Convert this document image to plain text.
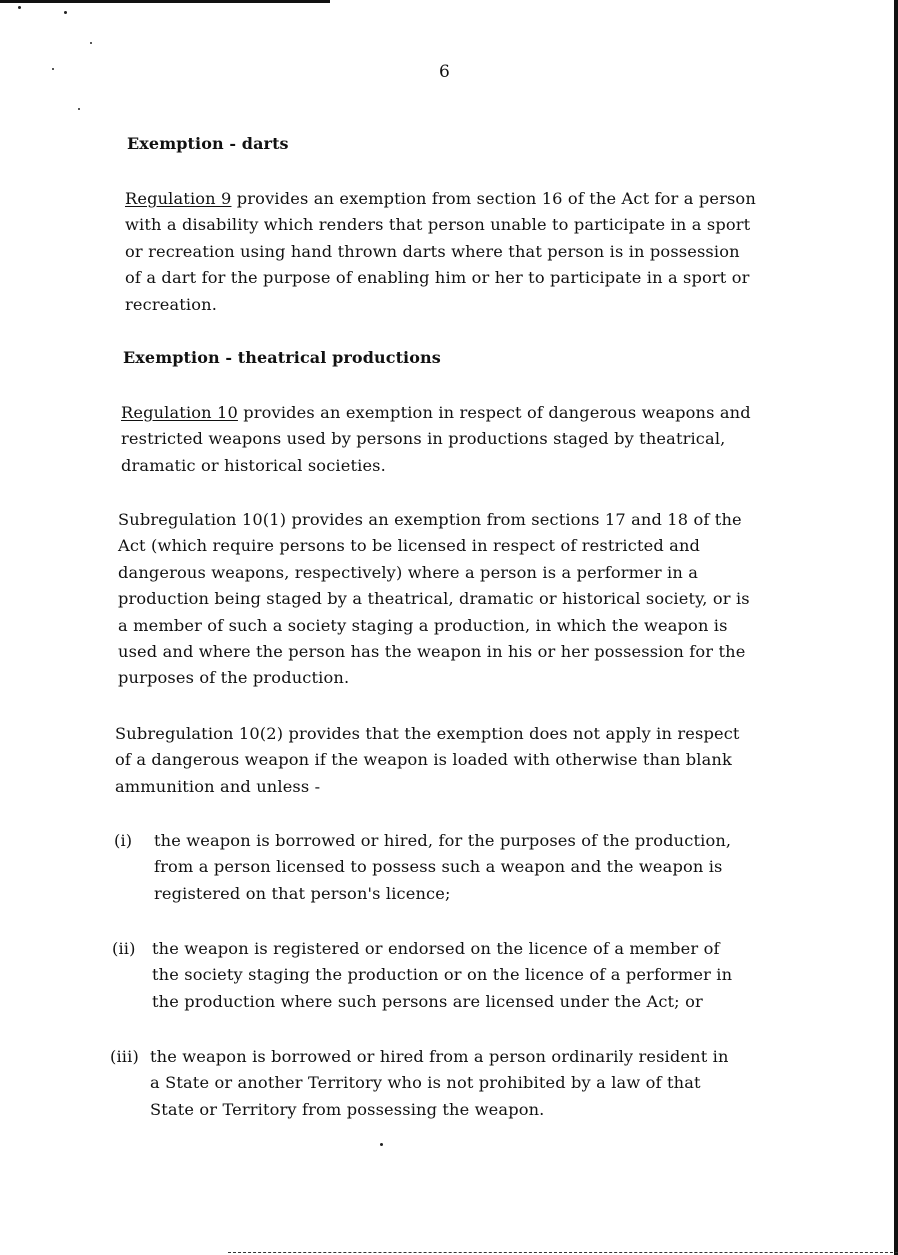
6
Exemption - darts

Regulation 9 provides an exemption from section 16 of the Act for a person with a disability which renders that person unable to participate in a sport or recreation using hand thrown darts where that person is in possession of a dart for the purpose of enabling him or her to participate in a sport or recreation.

Exemption - theatrical productions

Regulation 10 provides an exemption in respect of dangerous weapons and restricted weapons used by persons in productions staged by theatrical, dramatic or historical societies.

Subregulation 10(1) provides an exemption from sections 17 and 18 of the Act (which require persons to be licensed in respect of restricted and dangerous weapons, respectively) where a person is a performer in a production being staged by a theatrical, dramatic or historical society, or is a member of such a society staging a production, in which the weapon is used and where the person has the weapon in his or her possession for the purposes of the production.

Subregulation 10(2) provides that the exemption does not apply in respect of a dangerous weapon if the weapon is loaded with otherwise than blank ammunition and unless -

(i) the weapon is borrowed or hired, for the purposes of the production, from a person licensed to possess such a weapon and the weapon is registered on that person's licence;
(ii) the weapon is registered or endorsed on the licence of a member of the society staging the production or on the licence of a performer in the production where such persons are licensed under the Act; or
(iii) the weapon is borrowed or hired from a person ordinarily resident in a State or another Territory who is not prohibited by a law of that State or Territory from possessing the weapon.
